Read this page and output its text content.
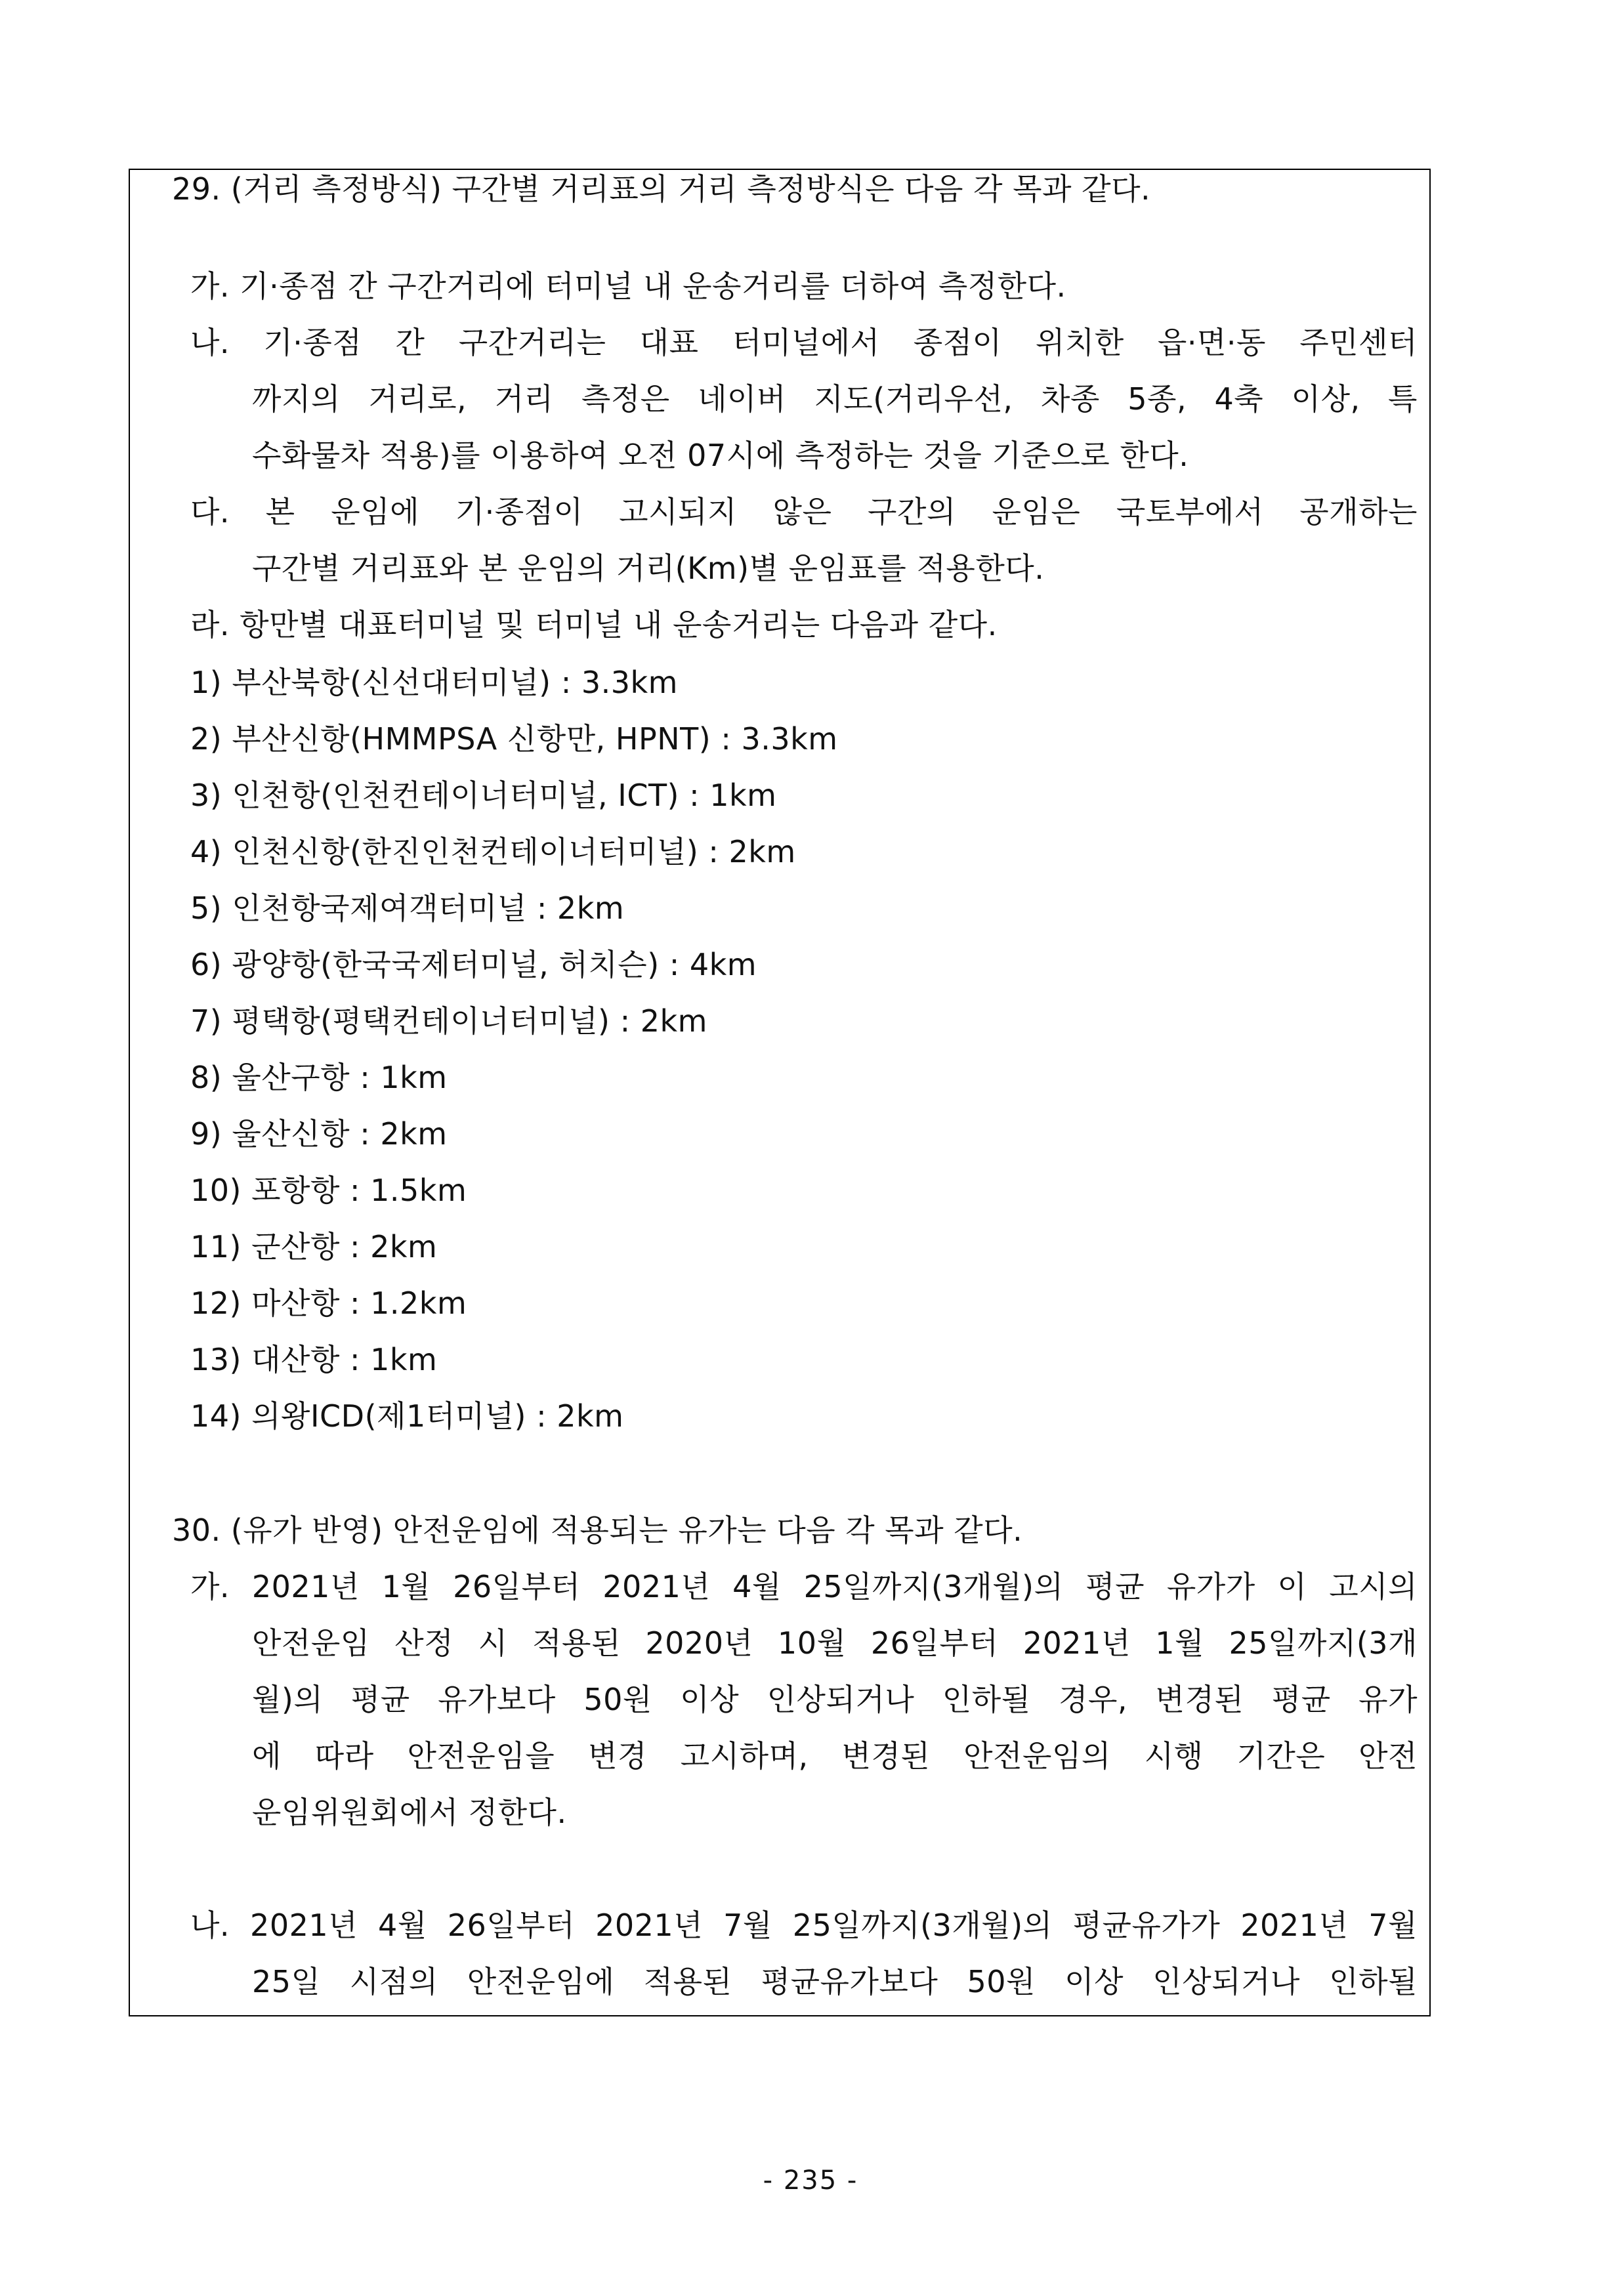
29. (거리 측정방식) 구간별 거리표의 거리 측정방식은 다음 각 목과 같다.
가. 기·종점 간 구간거리에 터미널 내 운송거리를 더하여 측정한다.
나. 기·종점 간 구간거리는 대표 터미널에서 종점이 위치한 읍·면·동 주민센터
까지의 거리로, 거리 측정은 네이버 지도(거리우선, 차종 5종, 4축 이상, 특
수화물차 적용)를 이용하여 오전 07시에 측정하는 것을 기준으로 한다.
다. 본 운임에 기·종점이 고시되지 않은 구간의 운임은 국토부에서 공개하는
구간별 거리표와 본 운임의 거리(Km)별 운임표를 적용한다.
라. 항만별 대표터미널 및 터미널 내 운송거리는 다음과 같다.
1) 부산북항(신선대터미널) : 3.3km
2) 부산신항(HMMPSA 신항만, HPNT) : 3.3km
3) 인천항(인천컨테이너터미널, ICT) : 1km
4) 인천신항(한진인천컨테이너터미널) : 2km
5) 인천항국제여객터미널 : 2km
6) 광양항(한국국제터미널, 허치슨) : 4km
7) 평택항(평택컨테이너터미널) : 2km
8) 울산구항 : 1km
9) 울산신항 : 2km
10) 포항항 : 1.5km
11) 군산항 : 2km
12) 마산항 : 1.2km
13) 대산항 : 1km
14) 의왕ICD(제1터미널) : 2km
30. (유가 반영) 안전운임에 적용되는 유가는 다음 각 목과 같다.
가. 2021년 1월 26일부터 2021년 4월 25일까지(3개월)의 평균 유가가 이 고시의
안전운임 산정 시 적용된 2020년 10월 26일부터 2021년 1월 25일까지(3개
월)의 평균 유가보다 50원 이상 인상되거나 인하될 경우, 변경된 평균 유가
에 따라 안전운임을 변경 고시하며, 변경된 안전운임의 시행 기간은 안전
운임위원회에서 정한다.
나. 2021년 4월 26일부터 2021년 7월 25일까지(3개월)의 평균유가가 2021년 7월
25일 시점의 안전운임에 적용된 평균유가보다 50원 이상 인상되거나 인하될
- 235 -
